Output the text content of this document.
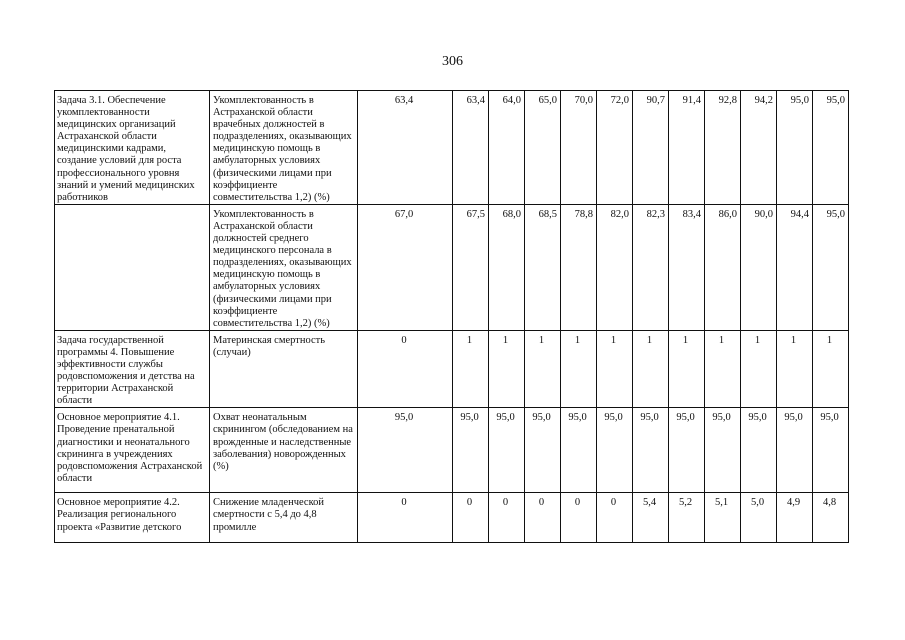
306
Задача 3.1. Обеспечение укомплектованности медицинских организаций Астраханской области медицинскими кадрами, создание условий для роста профессионального уровня знаний и умений медицинских работников	Укомплектованность в Астраханской области врачебных должностей в подразделениях, оказывающих медицинскую помощь в амбулаторных условиях (физическими лицами при коэффициенте совместительства 1,2) (%)	63,4	63,4	64,0	65,0	70,0	72,0	90,7	91,4	92,8	94,2	95,0	95,0
	Укомплектованность в Астраханской области должностей среднего медицинского персонала в подразделениях, оказывающих медицинскую помощь в амбулаторных условиях (физическими лицами при коэффициенте совместительства 1,2) (%)	67,0	67,5	68,0	68,5	78,8	82,0	82,3	83,4	86,0	90,0	94,4	95,0
Задача государственной программы 4. Повышение эффективности службы родовспоможения и детства на территории Астраханской области	Материнская смертность (случаи)	0	1	1	1	1	1	1	1	1	1	1	1
Основное мероприятие 4.1. Проведение пренатальной диагностики и неонатального скрининга в учреждениях родовспоможения Астраханской области	Охват неонатальным скринингом (обследованием на врожденные и наследственные заболевания) новорожденных (%)	95,0	95,0	95,0	95,0	95,0	95,0	95,0	95,0	95,0	95,0	95,0	95,0
Основное мероприятие 4.2. Реализация регионального проекта «Развитие детского	Снижение младенческой смертности с 5,4 до 4,8 промилле	0	0	0	0	0	0	5,4	5,2	5,1	5,0	4,9	4,8
